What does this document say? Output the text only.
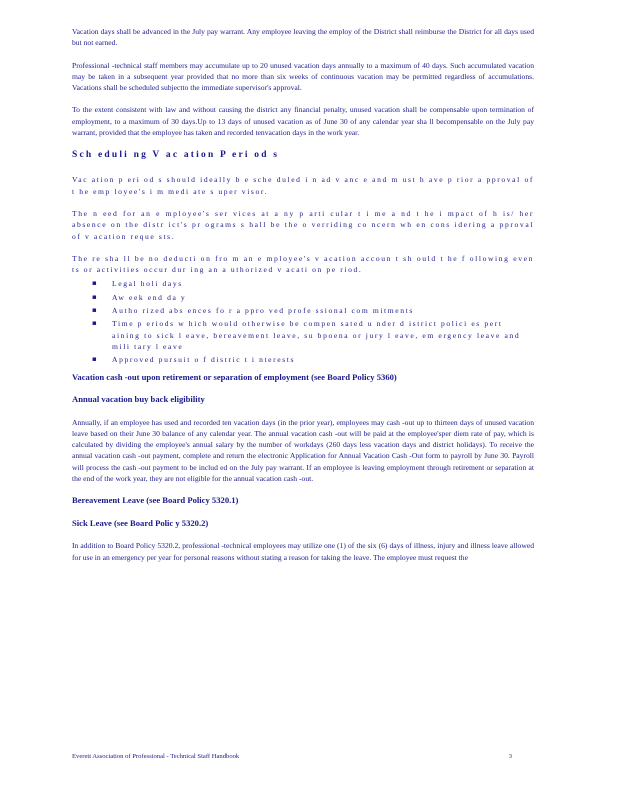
Vacation days shall be advanced in the July pay warrant. Any employee leaving the employ of the District shall reimburse the District for all days used but not earned.

Professional -technical staff members may accumulate up to 20 unused vacation days annually to a maximum of 40 days. Such accumulated vacation may be taken in a subsequent year provided that no more than six weeks of continuous vacation may be permitted regardless of accumulations. Vacations shall be scheduled subjectto the immediate supervisor's approval.

To the extent consistent with law and without causing the district any financial penalty, unused vacation shall be compensable upon termination of employment, to a maximum of 30 days.Up to 13 days of unused vacation as of June 30 of any calendar year sha ll becompensable on the July pay warrant, provided that the employee has taken and recorded tenvacation days in the work year.

Sch eduli ng V ac ation P eri od s

Vac ation p eri od s should ideally b e sche duled i n ad v anc e and m ust h ave p rior a pproval of t he emp loyee's i m medi ate s uper visor.

The n eed for an e mployee's ser vices at a ny p arti cular t i me a nd t he i mpact of h is/ her absence on the distr ict's pr ograms s hall be the o verriding co ncern wh en cons idering a pproval of v acation reque sts.

The re sha ll be no deducti on fro m an e mployee's v acation accoun t sh ould t he f ollowing even ts or activities occur dur ing an a uthorized v acati on pe riod.

▪	Legal holi days
▪	Aw eek end da y
▪	Autho rized abs ences fo r a ppro ved profe ssional com mitments
▪	Time p eriods w hich would otherwise be compen sated u nder d istrict polici es pert aining to sick l eave, bereavement leave, su bpoena or jury l eave, em ergency leave and mili tary l eave
▪	Approved pursuit o f distric t i nterests
Vacation cash -out upon retirement or separation of employment (see Board Policy 5360)
Annual vacation buy back eligibility

Annually, if an employee has used and recorded ten vacation days (in the prior year), employees may cash -out up to thirteen days of unused vacation leave based on their June 30 balance of any calendar year. The annual vacation cash -out will be paid at the employee'sper diem rate of pay, which is calculated by dividing the employee's annual salary by the number of workdays (260 days less vacation days and district holidays). To receive the annual vacation cash -out payment, complete and return the electronic Application for Annual Vacation Cash -Out form to payroll by June 30. Payroll will process the cash -out payment to be includ ed on the July pay warrant. If an employee is leaving employment through retirement or separation at the end of the work year, they are not eligible for the annual vacation cash -out.

Bereavement Leave (see Board Policy 5320.1)
Sick Leave (see Board Polic y 5320.2)

In addition to Board Policy 5320.2, professional -technical employees may utilize one (1) of the six (6) days of illness, injury and illness leave allowed for use in an emergency per year for personal reasons without stating a reason for taking the leave. The employee must request the

Everett Association of Professional - Technical Staff Handbook	3
